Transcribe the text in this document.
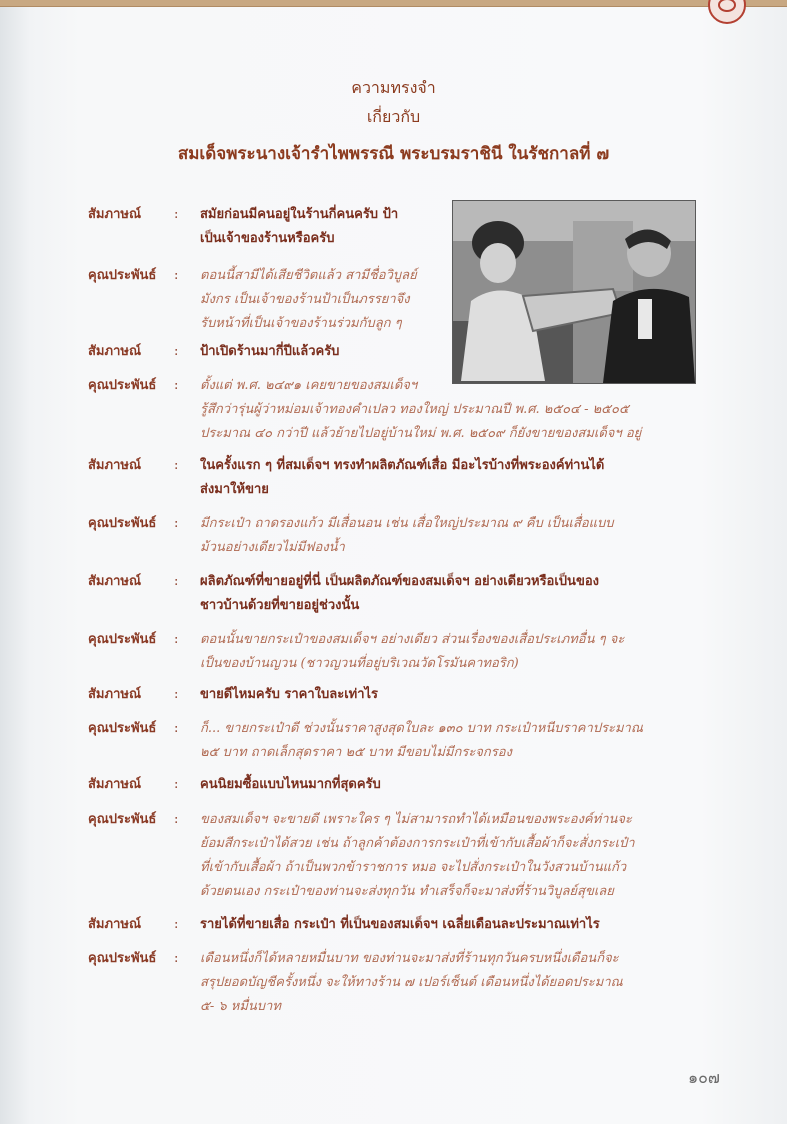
ความทรงจำ
เกี่ยวกับ
สมเด็จพระนางเจ้ารำไพพรรณี พระบรมราชินี ในรัชกาลที่ ๗
สัมภาษณ์	:	สมัยก่อนมีคนอยู่ในร้านกี่คนครับ ป้า
เป็นเจ้าของร้านหรือครับ
คุณประพันธ์	:	ตอนนี้สามีได้เสียชีวิตแล้ว สามีชื่อวิบูลย์
มังกร เป็นเจ้าของร้านป้าเป็นภรรยาจึง
รับหน้าที่เป็นเจ้าของร้านร่วมกับลูก ๆ
สัมภาษณ์	:	ป้าเปิดร้านมากี่ปีแล้วครับ
คุณประพันธ์	:	ตั้งแต่ พ.ศ. ๒๔๙๑ เคยขายของสมเด็จฯ
รู้สึกว่ารุ่นผู้ว่าหม่อมเจ้าทองคำเปลว ทองใหญ่ ประมาณปี พ.ศ. ๒๕๐๔ - ๒๕๐๕
ประมาณ ๔๐ กว่าปี แล้วย้ายไปอยู่บ้านใหม่ พ.ศ. ๒๕๐๙ ก็ยังขายของสมเด็จฯ อยู่
สัมภาษณ์	:	ในครั้งแรก ๆ ที่สมเด็จฯ ทรงทำผลิตภัณฑ์เสื่อ มีอะไรบ้างที่พระองค์ท่านได้
ส่งมาให้ขาย
คุณประพันธ์	:	มีกระเป๋า ถาดรองแก้ว มีเสื่อนอน เช่น เสื่อใหญ่ประมาณ ๙ คืบ เป็นเสื่อแบบ
ม้วนอย่างเดียวไม่มีฟองน้ำ
สัมภาษณ์	:	ผลิตภัณฑ์ที่ขายอยู่ที่นี่ เป็นผลิตภัณฑ์ของสมเด็จฯ อย่างเดียวหรือเป็นของ
ชาวบ้านด้วยที่ขายอยู่ช่วงนั้น
คุณประพันธ์	:	ตอนนั้นขายกระเป๋าของสมเด็จฯ อย่างเดียว ส่วนเรื่องของเสื่อประเภทอื่น ๆ จะ
เป็นของบ้านญวน (ชาวญวนที่อยู่บริเวณวัดโรมันคาทอริก)
สัมภาษณ์	:	ขายดีไหมครับ ราคาใบละเท่าไร
คุณประพันธ์	:	ก็... ขายกระเป๋าดี ช่วงนั้นราคาสูงสุดใบละ ๑๓๐ บาท กระเป๋าหนีบราคาประมาณ
๒๕ บาท ถาดเล็กสุดราคา ๒๕ บาท มีขอบไม่มีกระจกรอง
สัมภาษณ์	:	คนนิยมซื้อแบบไหนมากที่สุดครับ
คุณประพันธ์	:	ของสมเด็จฯ จะขายดี เพราะใคร ๆ ไม่สามารถทำได้เหมือนของพระองค์ท่านจะ
ย้อมสีกระเป๋าได้สวย เช่น ถ้าลูกค้าต้องการกระเป๋าที่เข้ากับเสื้อผ้าก็จะสั่งกระเป๋า
ที่เข้ากับเสื้อผ้า ถ้าเป็นพวกข้าราชการ หมอ จะไปสั่งกระเป๋าในวังสวนบ้านแก้ว
ด้วยตนเอง กระเป๋าของท่านจะส่งทุกวัน ทำเสร็จก็จะมาส่งที่ร้านวิบูลย์สุขเลย
สัมภาษณ์	:	รายได้ที่ขายเสื่อ กระเป๋า ที่เป็นของสมเด็จฯ เฉลี่ยเดือนละประมาณเท่าไร
คุณประพันธ์	:	เดือนหนึ่งก็ได้หลายหมื่นบาท ของท่านจะมาส่งที่ร้านทุกวันครบหนึ่งเดือนก็จะ
สรุปยอดบัญชีครั้งหนึ่ง จะให้ทางร้าน ๗ เปอร์เซ็นต์ เดือนหนึ่งได้ยอดประมาณ
๕- ๖ หมื่นบาท
๑๐๗
